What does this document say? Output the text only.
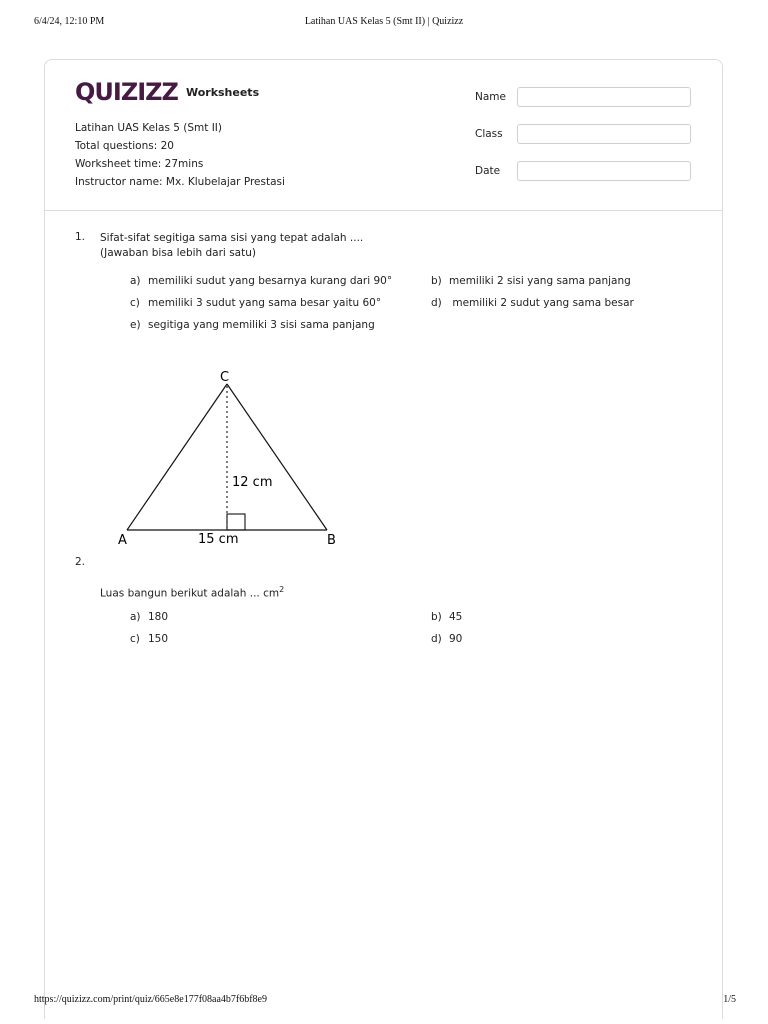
Latihan UAS Kelas 5 (Smt II) | Quizizz
6/4/24, 12:10 PM
QUIZIZZ Worksheets
Latihan UAS Kelas 5 (Smt II)
Total questions: 20
Worksheet time: 27mins
Instructor name: Mx. Klubelajar Prestasi
Name
Class
Date
1.	Sifat-sifat segitiga sama sisi yang tepat adalah ....
(Jawaban bisa lebih dari satu)
a) memiliki sudut yang besarnya kurang dari 90°	b) memiliki 2 sisi yang sama panjang
c) memiliki 3 sudut yang sama besar yaitu 60°	d) memiliki 2 sudut yang sama besar
e) segitiga yang memiliki 3 sisi sama panjang
C
A	B
12 cm
15 cm
2.
Luas bangun berikut adalah ... $cm^2$
a) 180	b) 45
c) 150	d) 90
https://quizizz.com/print/quiz/665e8e177f08aa4b7f6bf8e9	1/5
